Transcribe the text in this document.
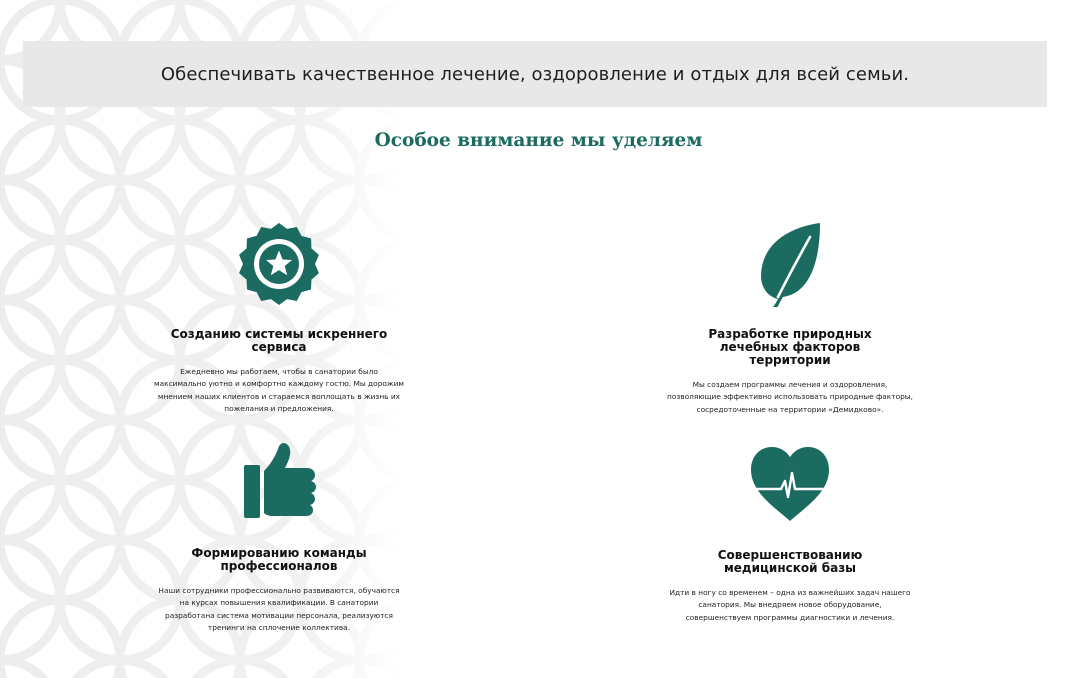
Обеспечивать качественное лечение, оздоровление и отдых для всей семьи.
Особое внимание мы уделяем
Созданию системы искреннего сервиса
Ежедневно мы работаем, чтобы в санатории было максимально уютно и комфортно каждому гостю. Мы дорожим мнением наших клиентов и стараемся воплощать в жизнь их пожелания и предложения.
Разработке природных лечебных факторов территории
Мы создаем программы лечения и оздоровления, позволяющие эффективно использовать природные факторы, сосредоточенные на территории «Демидково».
Формированию команды профессионалов
Наши сотрудники профессионально развиваются, обучаются на курсах повышения квалификации. В санатории разработана система мотивации персонала, реализуются тренинги на сплочение коллектива.
Совершенствованию медицинской базы
Идти в ногу со временем – одна из важнейших задач нашего санатория. Мы внедряем новое оборудование, совершенствуем программы диагностики и лечения.
